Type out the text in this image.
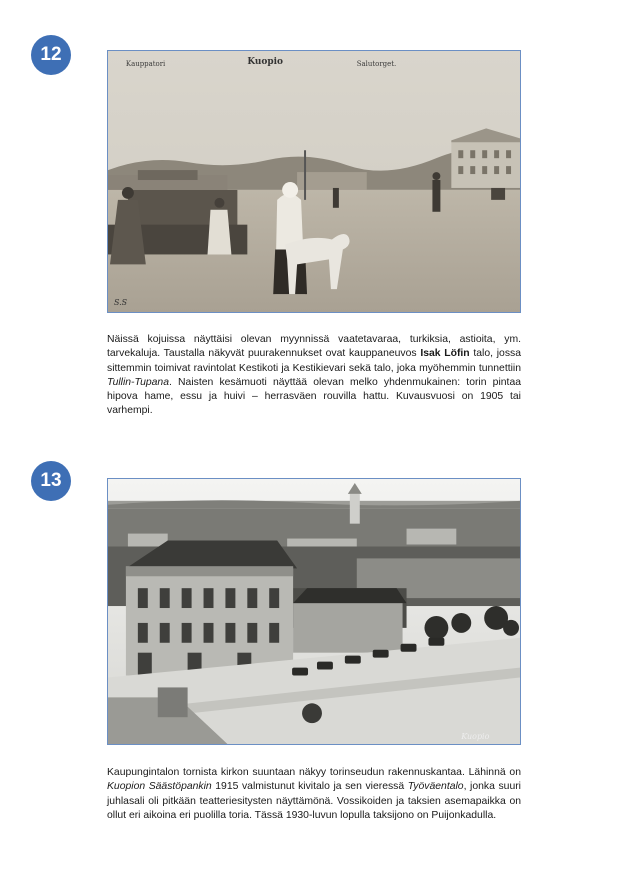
12	Kauppatori	Kuopio	Salutorget.
S.S

Näissä kojuissa näyttäisi olevan myynnissä vaatetavaraa, turkiksia, astioita, ym. tarvekaluja. Taustalla näkyvät puurakennukset ovat kauppaneuvos Isak Löfin talo, jossa sittemmin toimivat ravintolat Kestikoti ja Kestikievari sekä talo, joka myöhemmin tunnettiin Tullin-Tupana. Naisten kesämuoti näyttää olevan melko yhdenmukainen: torin pintaa hipova hame, essu ja huivi – herrasväen rouvilla hattu. Kuvausvuosi on 1905 tai varhempi.

13
Kuopio

Kaupungintalon tornista kirkon suuntaan näkyy torinseudun rakennuskantaa. Lähinnä on Kuopion Säästöpankin 1915 valmistunut kivitalo ja sen vieressä Työväentalo, jonka suuri juhlasali oli pitkään teatteriesitysten näyttämönä. Vossikoiden ja taksien asemapaikka on ollut eri aikoina eri puolilla toria. Tässä 1930-luvun lopulla taksijono on Puijonkadulla.
